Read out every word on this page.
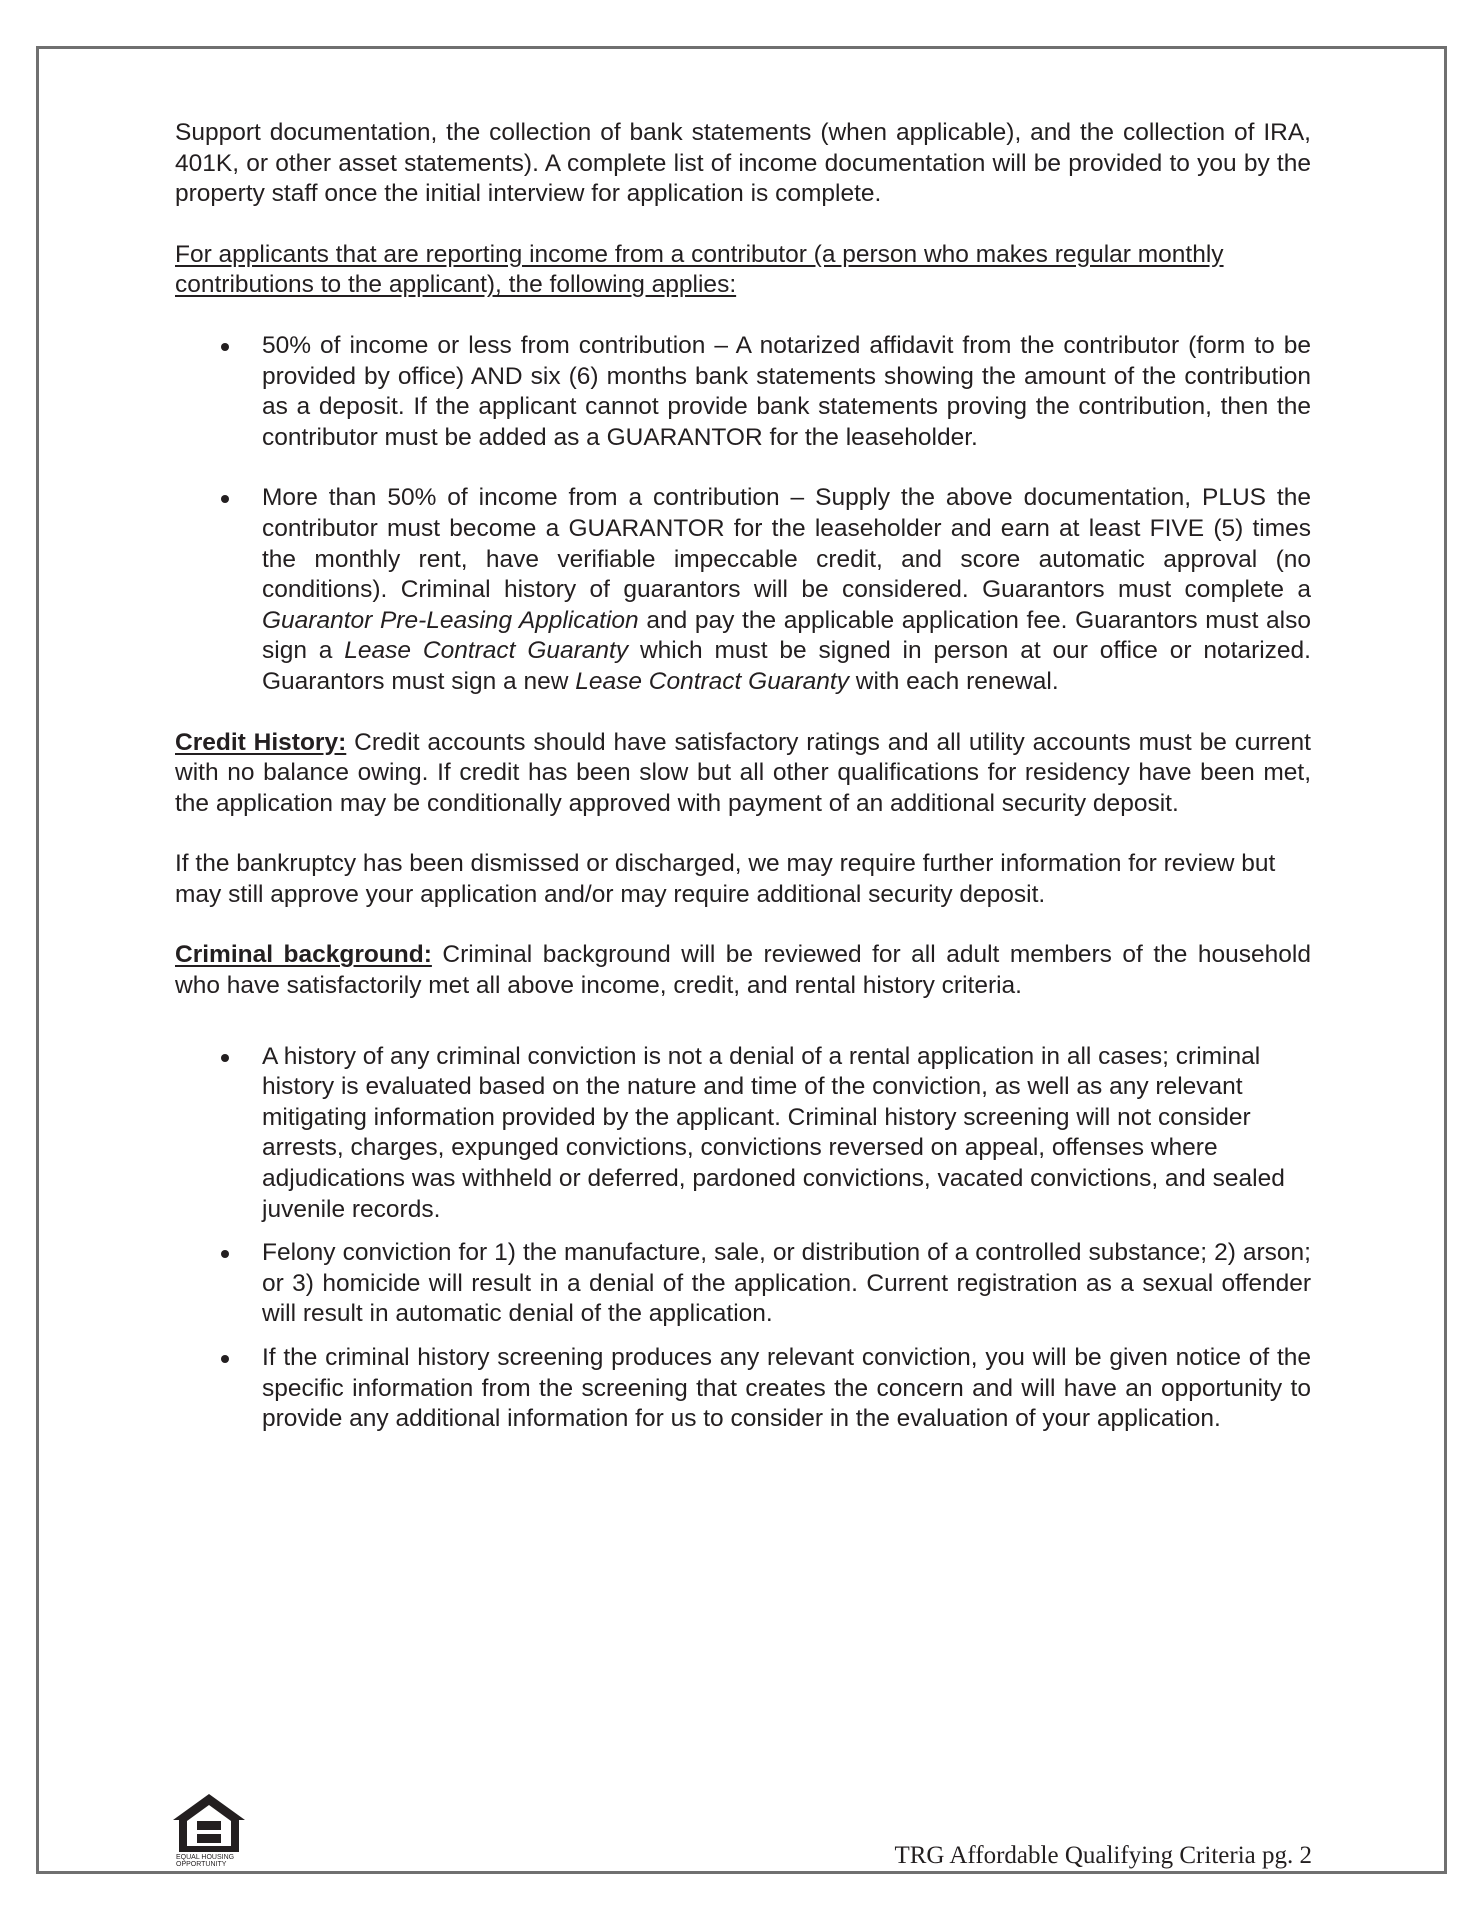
Support documentation, the collection of bank statements (when applicable), and the collection of IRA, 401K, or other asset statements). A complete list of income documentation will be provided to you by the property staff once the initial interview for application is complete.

For applicants that are reporting income from a contributor (a person who makes regular monthly contributions to the applicant), the following applies:

50% of income or less from contribution – A notarized affidavit from the contributor (form to be provided by office) AND six (6) months bank statements showing the amount of the contribution as a deposit. If the applicant cannot provide bank statements proving the contribution, then the contributor must be added as a GUARANTOR for the leaseholder.
More than 50% of income from a contribution – Supply the above documentation, PLUS the contributor must become a GUARANTOR for the leaseholder and earn at least FIVE (5) times the monthly rent, have verifiable impeccable credit, and score automatic approval (no conditions). Criminal history of guarantors will be considered. Guarantors must complete a Guarantor Pre-Leasing Application and pay the applicable application fee. Guarantors must also sign a Lease Contract Guaranty which must be signed in person at our office or notarized. Guarantors must sign a new Lease Contract Guaranty with each renewal.

Credit History: Credit accounts should have satisfactory ratings and all utility accounts must be current with no balance owing. If credit has been slow but all other qualifications for residency have been met, the application may be conditionally approved with payment of an additional security deposit.

If the bankruptcy has been dismissed or discharged, we may require further information for review but may still approve your application and/or may require additional security deposit.

Criminal background: Criminal background will be reviewed for all adult members of the household who have satisfactorily met all above income, credit, and rental history criteria.

A history of any criminal conviction is not a denial of a rental application in all cases; criminal history is evaluated based on the nature and time of the conviction, as well as any relevant mitigating information provided by the applicant. Criminal history screening will not consider arrests, charges, expunged convictions, convictions reversed on appeal, offenses where adjudications was withheld or deferred, pardoned convictions, vacated convictions, and sealed juvenile records.
Felony conviction for 1) the manufacture, sale, or distribution of a controlled substance; 2) arson; or 3) homicide will result in a denial of the application. Current registration as a sexual offender will result in automatic denial of the application.
If the criminal history screening produces any relevant conviction, you will be given notice of the specific information from the screening that creates the concern and will have an opportunity to provide any additional information for us to consider in the evaluation of your application.
EQUAL HOUSING
OPPORTUNITY	TRG Affordable Qualifying Criteria pg. 2
